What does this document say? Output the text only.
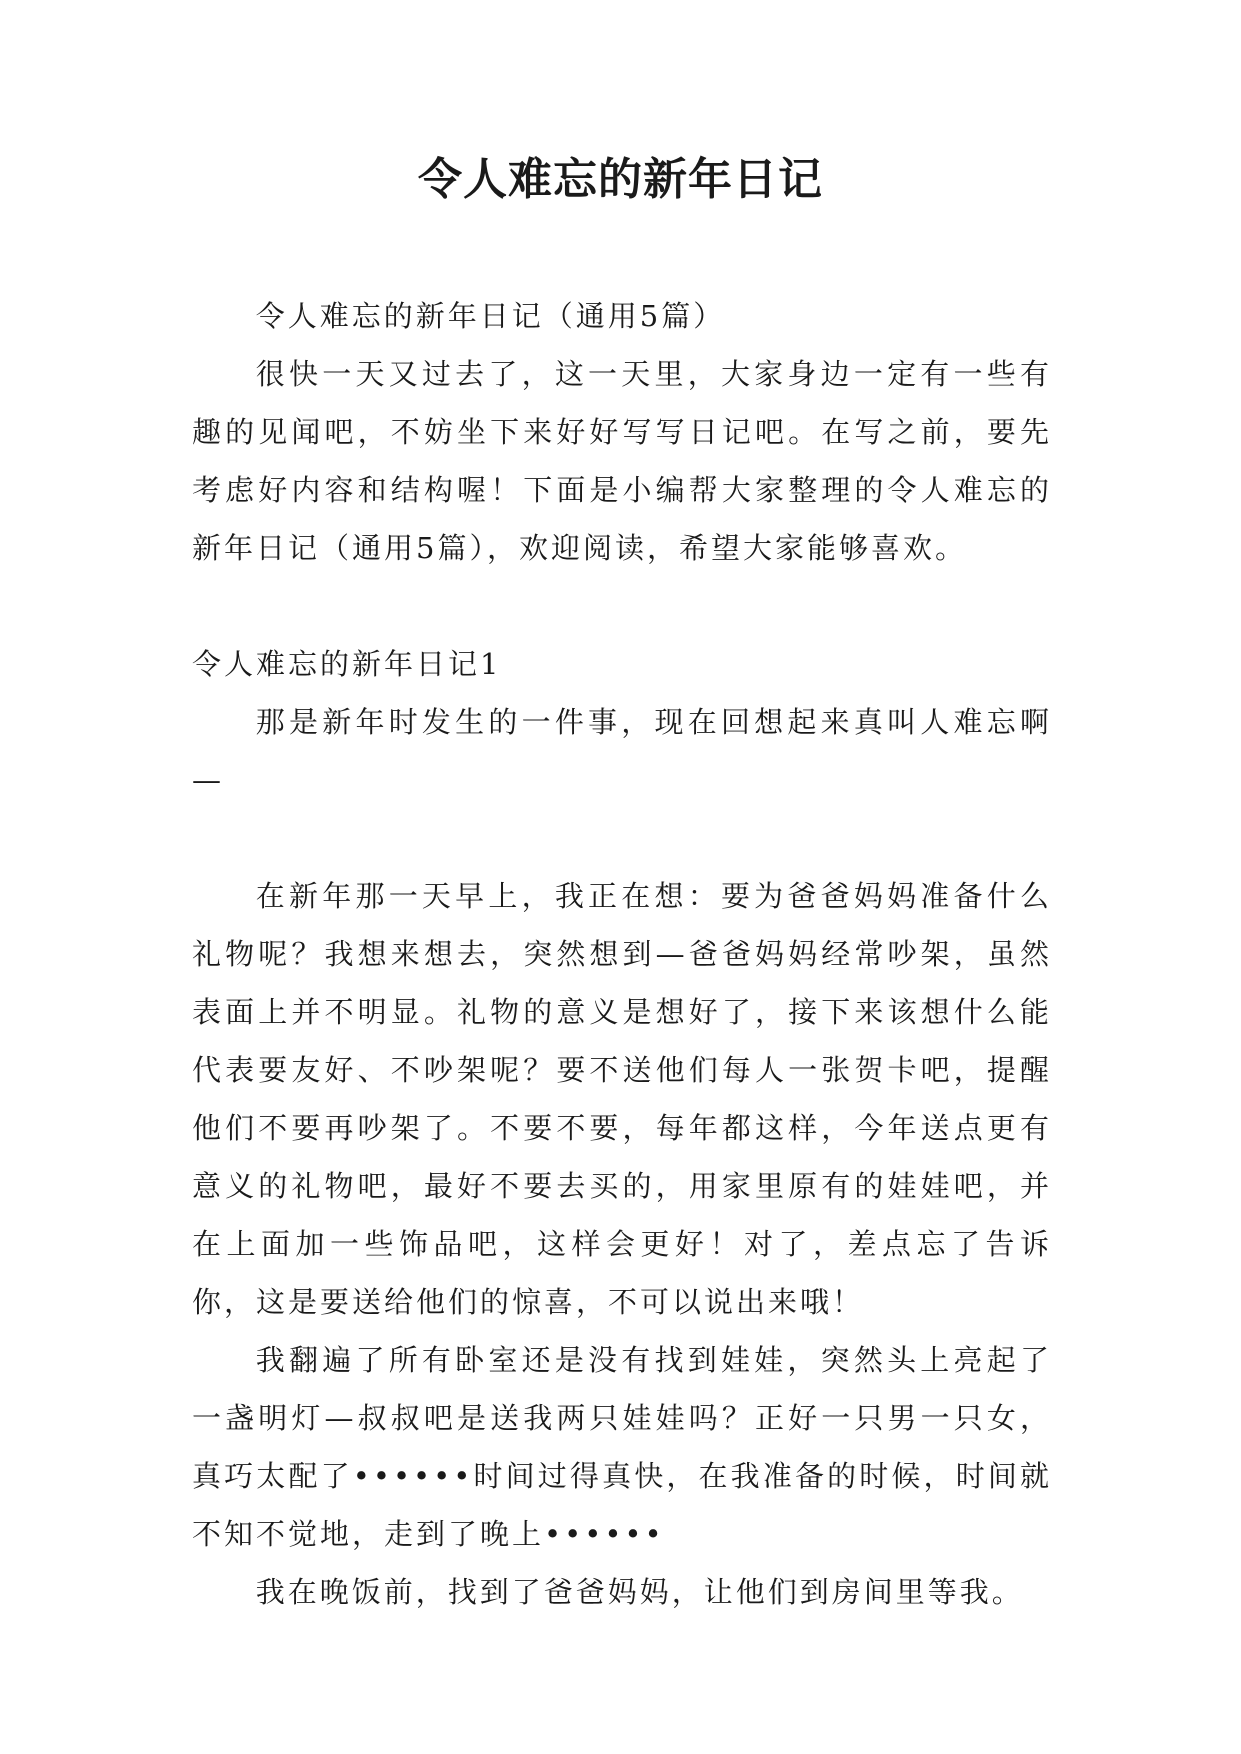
令人难忘的新年日记

令人难忘的新年日记（通用5篇）

很快一天又过去了，这一天里，大家身边一定有一些有趣的见闻吧，不妨坐下来好好写写日记吧。在写之前，要先考虑好内容和结构喔！下面是小编帮大家整理的令人难忘的新年日记（通用5篇），欢迎阅读，希望大家能够喜欢。

令人难忘的新年日记1

那是新年时发生的一件事，现在回想起来真叫人难忘啊—

在新年那一天早上，我正在想：要为爸爸妈妈准备什么礼物呢？我想来想去，突然想到—爸爸妈妈经常吵架，虽然表面上并不明显。礼物的意义是想好了，接下来该想什么能代表要友好、不吵架呢？要不送他们每人一张贺卡吧，提醒他们不要再吵架了。不要不要，每年都这样，今年送点更有意义的礼物吧，最好不要去买的，用家里原有的娃娃吧，并在上面加一些饰品吧，这样会更好！对了，差点忘了告诉你，这是要送给他们的惊喜，不可以说出来哦！

我翻遍了所有卧室还是没有找到娃娃，突然头上亮起了一盏明灯—叔叔吧是送我两只娃娃吗？正好一只男一只女，真巧太配了••••••时间过得真快，在我准备的时候，时间就不知不觉地，走到了晚上••••••

我在晚饭前，找到了爸爸妈妈，让他们到房间里等我。
